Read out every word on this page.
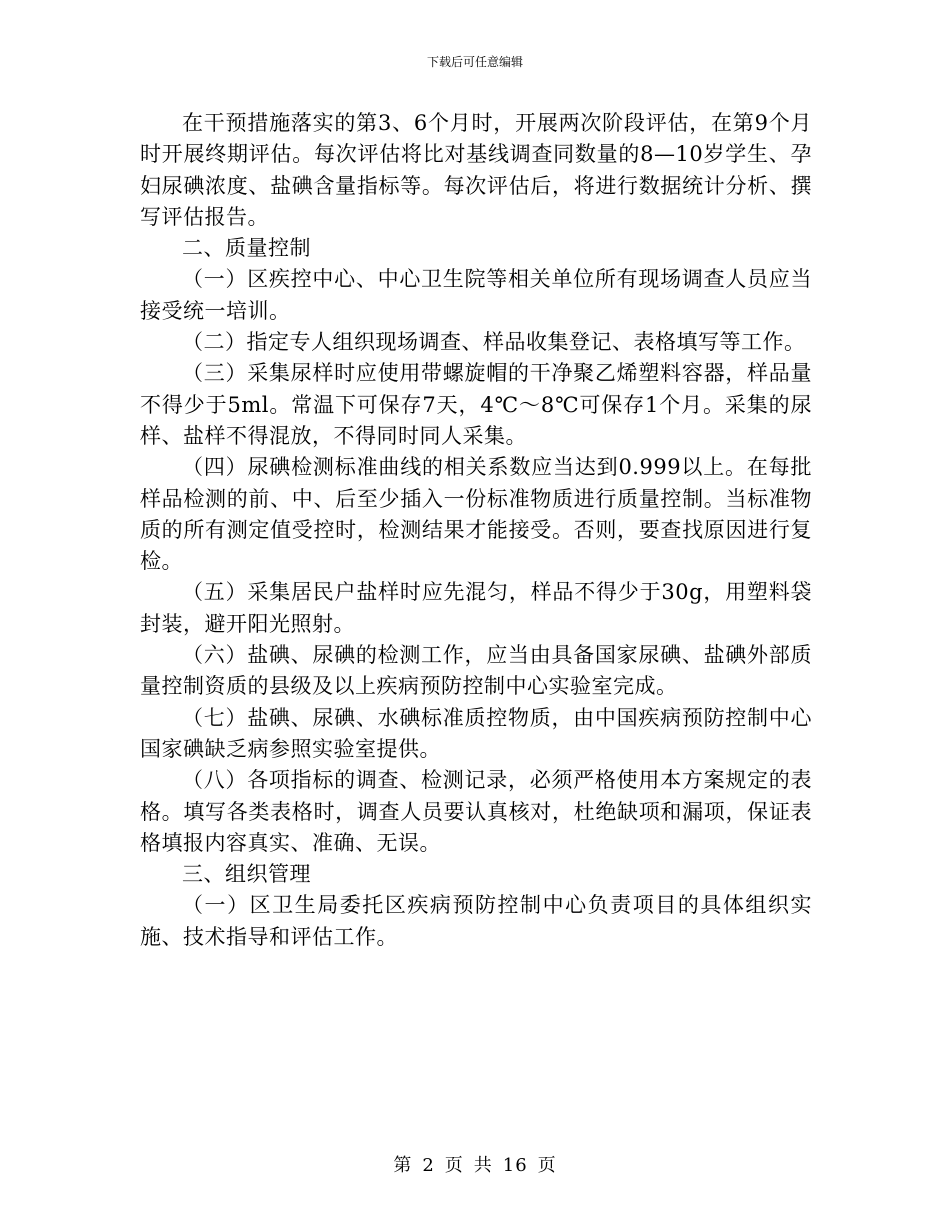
下载后可任意编辑

在干预措施落实的第3、6个月时，开展两次阶段评估，在第9个月时开展终期评估。每次评估将比对基线调查同数量的8—10岁学生、孕妇尿碘浓度、盐碘含量指标等。每次评估后，将进行数据统计分析、撰写评估报告。

二、质量控制

（一）区疾控中心、中心卫生院等相关单位所有现场调查人员应当接受统一培训。

（二）指定专人组织现场调查、样品收集登记、表格填写等工作。

（三）采集尿样时应使用带螺旋帽的干净聚乙烯塑料容器，样品量不得少于5ml。常温下可保存7天，4℃～8℃可保存1个月。采集的尿样、盐样不得混放，不得同时同人采集。

（四）尿碘检测标准曲线的相关系数应当达到0.999以上。在每批样品检测的前、中、后至少插入一份标准物质进行质量控制。当标准物质的所有测定值受控时，检测结果才能接受。否则，要查找原因进行复检。

（五）采集居民户盐样时应先混匀，样品不得少于30g，用塑料袋封装，避开阳光照射。

（六）盐碘、尿碘的检测工作，应当由具备国家尿碘、盐碘外部质量控制资质的县级及以上疾病预防控制中心实验室完成。

（七）盐碘、尿碘、水碘标准质控物质，由中国疾病预防控制中心国家碘缺乏病参照实验室提供。

（八）各项指标的调查、检测记录，必须严格使用本方案规定的表格。填写各类表格时，调查人员要认真核对，杜绝缺项和漏项，保证表格填报内容真实、准确、无误。

三、组织管理

（一）区卫生局委托区疾病预防控制中心负责项目的具体组织实施、技术指导和评估工作。

第 2 页 共 16 页
